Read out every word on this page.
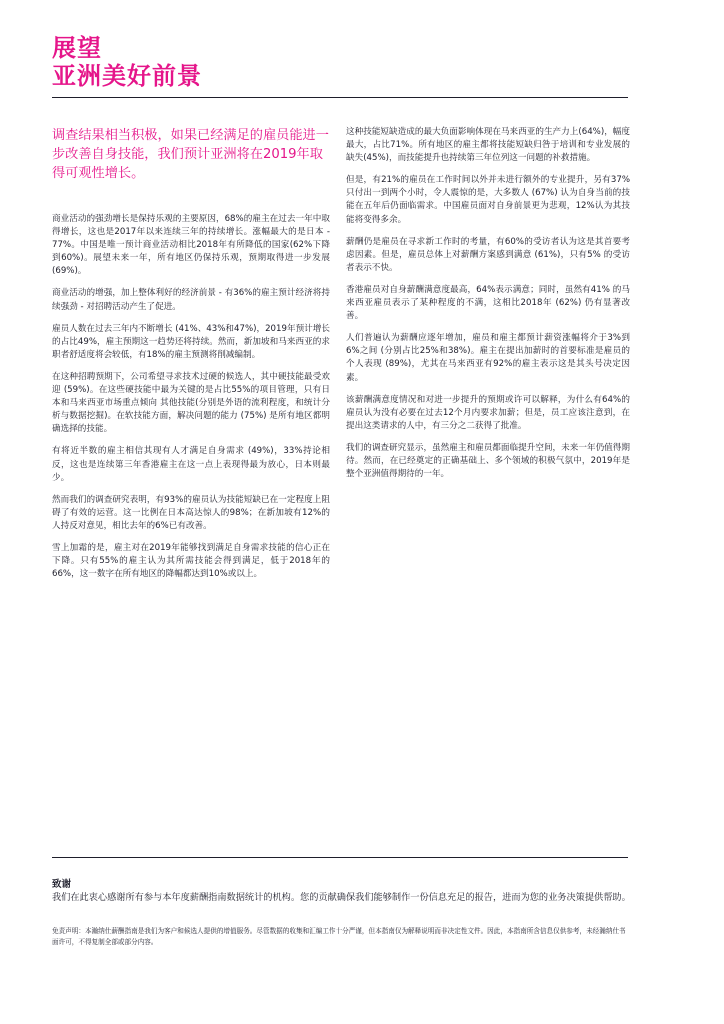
展望
亚洲美好前景

调查结果相当积极，如果已经满足的雇员能进一步改善自身技能，我们预计亚洲将在2019年取得可观性增长。

商业活动的强劲增长是保持乐观的主要原因，68%的雇主在过去一年中取得增长，这也是2017年以来连续三年的持续增长。涨幅最大的是日本 - 77%。中国是唯一预计商业活动相比2018年有所降低的国家(62%下降到60%)。展望未来一年，所有地区仍保持乐观，预期取得进一步发展(69%)。

商业活动的增强，加上整体利好的经济前景 - 有36%的雇主预计经济将持续强劲 - 对招聘活动产生了促进。

雇员人数在过去三年内不断增长 (41%、43%和47%)，2019年预计增长的占比49%，雇主预期这一趋势还将持续。然而，新加坡和马来西亚的求职者舒适度将会较低，有18%的雇主预测将削减编制。

在这种招聘预期下，公司希望寻求技术过硬的候选人，其中硬技能最受欢迎 (59%)。在这些硬技能中最为关键的是占比55%的项目管理，只有日本和马来西亚市场重点倾向 其他技能(分别是外语的流利程度，和统计分析与数据挖掘)。在软技能方面，解决问题的能力 (75%) 是所有地区都明确选择的技能。

有将近半数的雇主相信其现有人才满足自身需求 (49%)，33%持论相反，这也是连续第三年香港雇主在这一点上表现得最为放心，日本则最少。

然而我们的调查研究表明，有93%的雇员认为技能短缺已在一定程度上阻碍了有效的运营。这一比例在日本高达惊人的98%；在新加坡有12%的人持反对意见，相比去年的6%已有改善。

雪上加霜的是，雇主对在2019年能够找到满足自身需求技能的信心正在下降。只有55%的雇主认为其所需技能会得到满足，低于2018年的66%，这一数字在所有地区的降幅都达到10%或以上。

这种技能短缺造成的最大负面影响体现在马来西亚的生产力上(64%)，幅度最大，占比71%。所有地区的雇主都将技能短缺归咎于培训和专业发展的缺失(45%)，而技能提升也持续第三年位列这一问题的补救措施。

但是，有21%的雇员在工作时间以外并未进行额外的专业提升，另有37%只付出一到两个小时，令人震惊的是，大多数人 (67%) 认为自身当前的技能在五年后仍面临需求。中国雇员面对自身前景更为悲观，12%认为其技能将变得多余。

薪酬仍是雇员在寻求新工作时的考量，有60%的受访者认为这是其首要考虑因素。但是，雇员总体上对薪酬方案感到满意 (61%)，只有5% 的受访者表示不快。

香港雇员对自身薪酬满意度最高，64%表示满意；同时，虽然有41% 的马来西亚雇员表示了某种程度的不满，这相比2018年 (62%) 仍有显著改善。

人们普遍认为薪酬应逐年增加，雇员和雇主都预计薪资涨幅将介于3%到6%之间 (分别占比25%和38%)。雇主在提出加薪时的首要标准是雇员的个人表现 (89%)，尤其在马来西亚有92%的雇主表示这是其头号决定因素。

该薪酬满意度情况和对进一步提升的预期或许可以解释，为什么有64%的雇员认为没有必要在过去12个月内要求加薪；但是，员工应该注意到，在提出这类请求的人中，有三分之二获得了批准。

我们的调查研究显示，虽然雇主和雇员都面临提升空间，未来一年仍值得期待。然而，在已经奠定的正确基础上、多个领域的积极气氛中，2019年是整个亚洲值得期待的一年。

致谢

我们在此衷心感谢所有参与本年度薪酬指南数据统计的机构。您的贡献确保我们能够制作一份信息充足的报告，进而为您的业务决策提供帮助。

免责声明：本瀚纳仕薪酬指南是我们为客户和候选人提供的增值服务。尽管数据的收集和汇编工作十分严谨，但本指南仅为解释说明而非决定性文件。因此，本指南所含信息仅供参考，未经瀚纳仕书面许可，不得复制全部或部分内容。
